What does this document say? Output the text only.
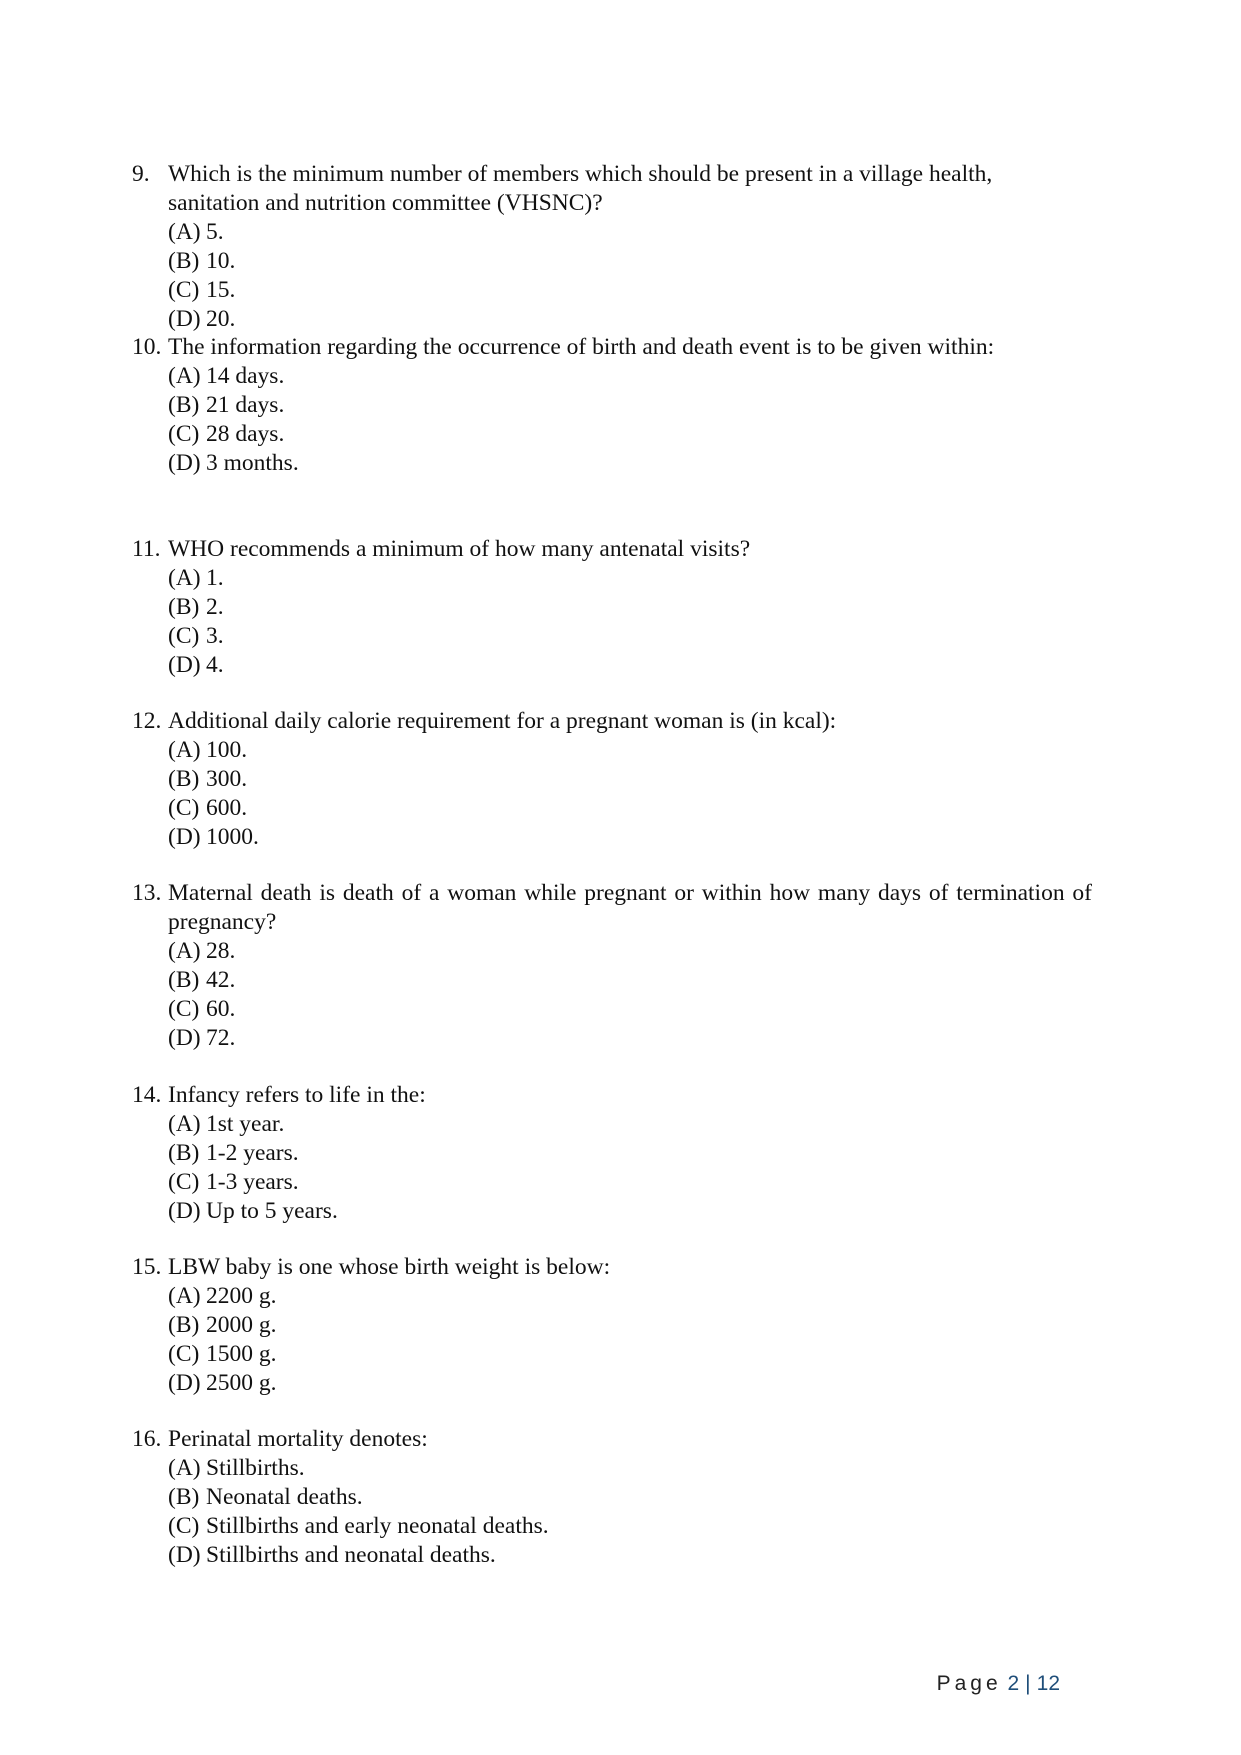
9. Which is the minimum number of members which should be present in a village health, sanitation and nutrition committee (VHSNC)?
(A) 5.
(B) 10.
(C) 15.
(D) 20.
10. The information regarding the occurrence of birth and death event is to be given within:
(A) 14 days.
(B) 21 days.
(C) 28 days.
(D) 3 months.
11. WHO recommends a minimum of how many antenatal visits?
(A) 1.
(B) 2.
(C) 3.
(D) 4.
12. Additional daily calorie requirement for a pregnant woman is (in kcal):
(A) 100.
(B) 300.
(C) 600.
(D) 1000.
13. Maternal death is death of a woman while pregnant or within how many days of termination of pregnancy?
(A) 28.
(B) 42.
(C) 60.
(D) 72.
14. Infancy refers to life in the:
(A) 1st year.
(B) 1-2 years.
(C) 1-3 years.
(D) Up to 5 years.
15. LBW baby is one whose birth weight is below:
(A) 2200 g.
(B) 2000 g.
(C) 1500 g.
(D) 2500 g.
16. Perinatal mortality denotes:
(A) Stillbirths.
(B) Neonatal deaths.
(C) Stillbirths and early neonatal deaths.
(D) Stillbirths and neonatal deaths.
Page 2 | 12
